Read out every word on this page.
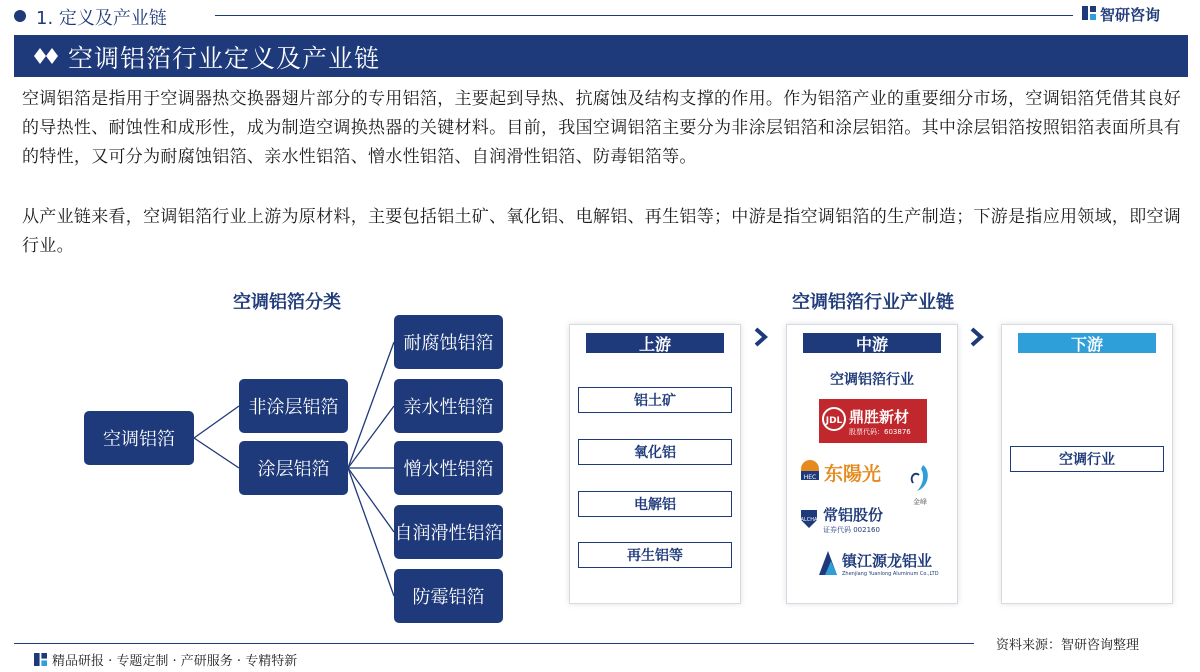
1. 定义及产业链	智研咨询
空调铝箔行业定义及产业链
空调铝箔是指用于空调器热交换器翅片部分的专用铝箔，主要起到导热、抗腐蚀及结构支撑的作用。作为铝箔产业的重要细分市场，空调铝箔凭借其良好的导热性、耐蚀性和成形性，成为制造空调换热器的关键材料。目前，我国空调铝箔主要分为非涂层铝箔和涂层铝箔。其中涂层铝箔按照铝箔表面所具有的特性，又可分为耐腐蚀铝箔、亲水性铝箔、憎水性铝箔、自润滑性铝箔、防毒铝箔等。
从产业链来看，空调铝箔行业上游为原材料，主要包括铝土矿、氧化铝、电解铝、再生铝等；中游是指空调铝箔的生产制造；下游是指应用领域，即空调行业。
空调铝箔分类
空调铝箔
非涂层铝箔
涂层铝箔
耐腐蚀铝箔
亲水性铝箔
憎水性铝箔
自润滑性铝箔
防霉铝箔
空调铝箔行业产业链
上游
铝土矿
氧化铝
电解铝
再生铝等
中游
空调铝箔行业
JDL 鼎胜新材
股票代码：603876
HEC 东陽光
金峰
ALCHA 常铝股份
证券代码 002160
镇江源龙铝业
Zhenjiang Yuanlong Aluminum Co.,LTD
下游
空调行业
资料来源：智研咨询整理
精品研报 · 专题定制 · 产研服务 · 专精特新
